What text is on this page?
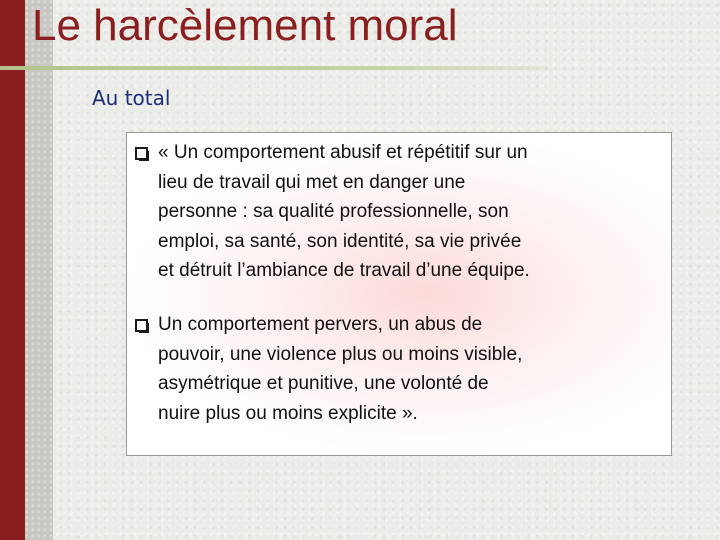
Le harcèlement moral
Au total
« Un comportement abusif et répétitif sur un
lieu de travail qui met en danger une
personne : sa qualité professionnelle, son
emploi, sa santé, son identité, sa vie privée
et détruit l’ambiance de travail d’une équipe.
Un comportement pervers, un abus de
pouvoir, une violence plus ou moins visible,
asymétrique et punitive, une volonté de
nuire plus ou moins explicite ».
